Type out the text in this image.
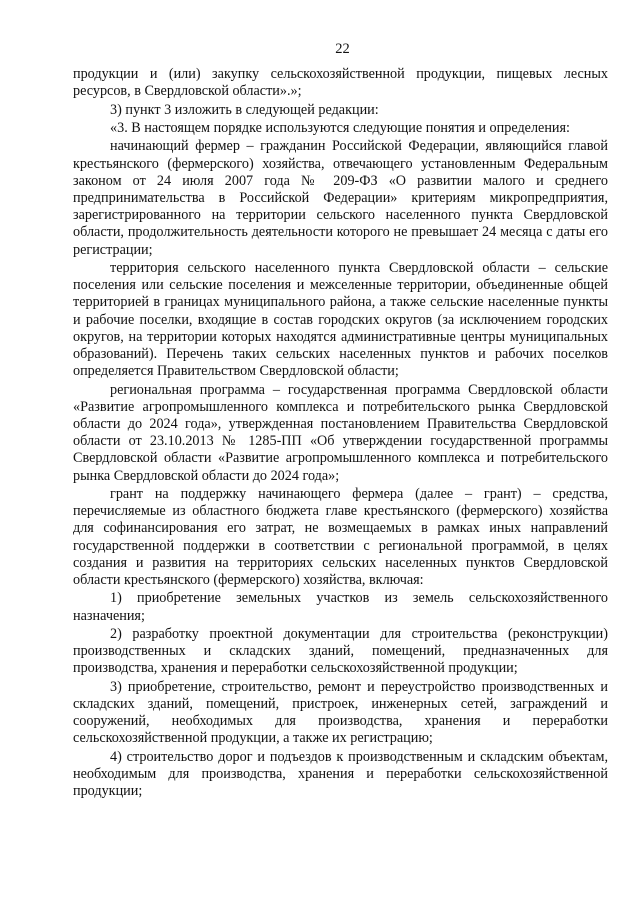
22

продукции и (или) закупку сельскохозяйственной продукции, пищевых лесных ресурсов, в Свердловской области».»;

3) пункт 3 изложить в следующей редакции:

«3. В настоящем порядке используются следующие понятия и определения:

начинающий фермер – гражданин Российской Федерации, являющийся главой крестьянского (фермерского) хозяйства, отвечающего установленным Федеральным законом от 24 июля 2007 года № 209-ФЗ «О развитии малого и среднего предпринимательства в Российской Федерации» критериям микропредприятия, зарегистрированного на территории сельского населенного пункта Свердловской области, продолжительность деятельности которого не превышает 24 месяца с даты его регистрации;

территория сельского населенного пункта Свердловской области – сельские поселения или сельские поселения и межселенные территории, объединенные общей территорией в границах муниципального района, а также сельские населенные пункты и рабочие поселки, входящие в состав городских округов (за исключением городских округов, на территории которых находятся административные центры муниципальных образований). Перечень таких сельских населенных пунктов и рабочих поселков определяется Правительством Свердловской области;

региональная программа – государственная программа Свердловской области «Развитие агропромышленного комплекса и потребительского рынка Свердловской области до 2024 года», утвержденная постановлением Правительства Свердловской области от 23.10.2013 № 1285-ПП «Об утверждении государственной программы Свердловской области «Развитие агропромышленного комплекса и потребительского рынка Свердловской области до 2024 года»;

грант на поддержку начинающего фермера (далее – грант) – средства, перечисляемые из областного бюджета главе крестьянского (фермерского) хозяйства для софинансирования его затрат, не возмещаемых в рамках иных направлений государственной поддержки в соответствии с региональной программой, в целях создания и развития на территориях сельских населенных пунктов Свердловской области крестьянского (фермерского) хозяйства, включая:

1) приобретение земельных участков из земель сельскохозяйственного назначения;

2) разработку проектной документации для строительства (реконструкции) производственных и складских зданий, помещений, предназначенных для производства, хранения и переработки сельскохозяйственной продукции;

3) приобретение, строительство, ремонт и переустройство производственных и складских зданий, помещений, пристроек, инженерных сетей, заграждений и сооружений, необходимых для производства, хранения и переработки сельскохозяйственной продукции, а также их регистрацию;

4) строительство дорог и подъездов к производственным и складским объектам, необходимым для производства, хранения и переработки сельскохозяйственной продукции;
